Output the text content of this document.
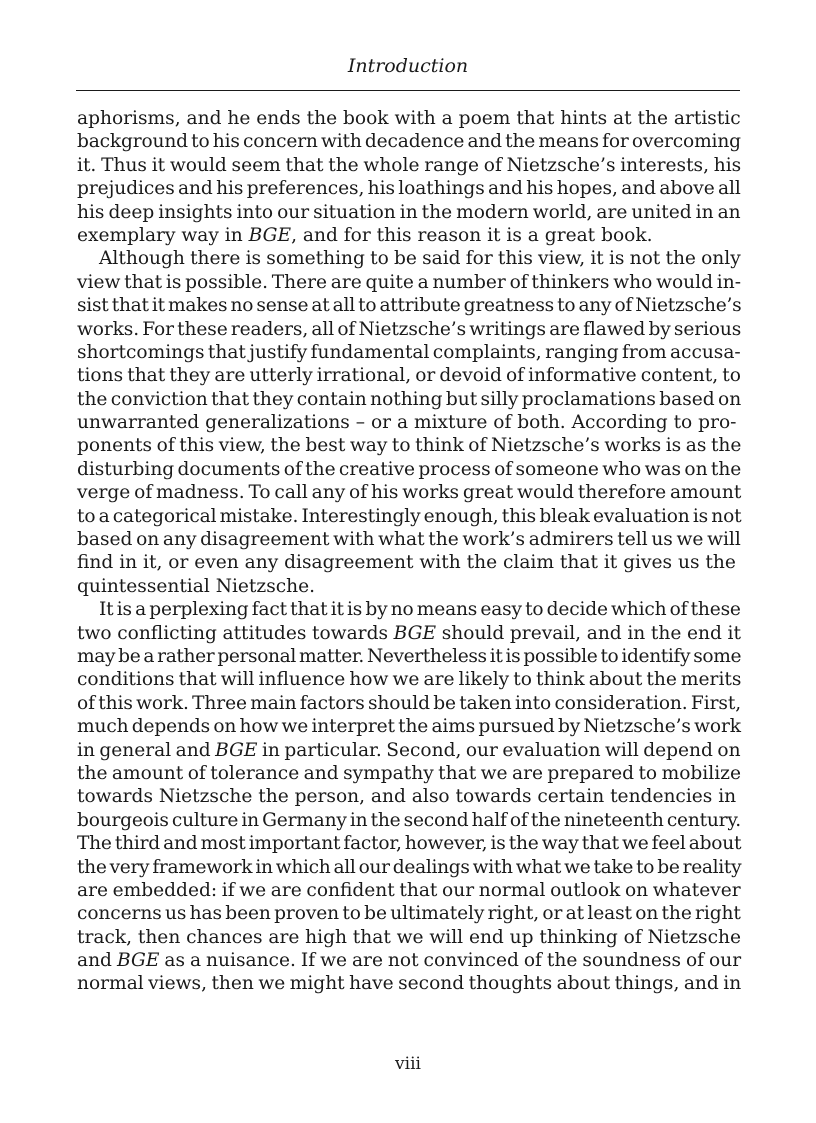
Introduction
aphorisms, and he ends the book with a poem that hints at the artistic
background to his concern with decadence and the means for overcoming
it. Thus it would seem that the whole range of Nietzsche’s interests, his
prejudices and his preferences, his loathings and his hopes, and above all
his deep insights into our situation in the modern world, are united in an
exemplary way in BGE, and for this reason it is a great book.
Although there is something to be said for this view, it is not the only
view that is possible. There are quite a number of thinkers who would in-
sist that it makes no sense at all to attribute greatness to any of Nietzsche’s
works. For these readers, all of Nietzsche’s writings are flawed by serious
shortcomings that justify fundamental complaints, ranging from accusa-
tions that they are utterly irrational, or devoid of informative content, to
the conviction that they contain nothing but silly proclamations based on
unwarranted generalizations – or a mixture of both. According to pro-
ponents of this view, the best way to think of Nietzsche’s works is as the
disturbing documents of the creative process of someone who was on the
verge of madness. To call any of his works great would therefore amount
to a categorical mistake. Interestingly enough, this bleak evaluation is not
based on any disagreement with what the work’s admirers tell us we will
find in it, or even any disagreement with the claim that it gives us the
quintessential Nietzsche.
It is a perplexing fact that it is by no means easy to decide which of these
two conflicting attitudes towards BGE should prevail, and in the end it
may be a rather personal matter. Nevertheless it is possible to identify some
conditions that will influence how we are likely to think about the merits
of this work. Three main factors should be taken into consideration. First,
much depends on how we interpret the aims pursued by Nietzsche’s work
in general and BGE in particular. Second, our evaluation will depend on
the amount of tolerance and sympathy that we are prepared to mobilize
towards Nietzsche the person, and also towards certain tendencies in
bourgeois culture in Germany in the second half of the nineteenth century.
The third and most important factor, however, is the way that we feel about
the very framework in which all our dealings with what we take to be reality
are embedded: if we are confident that our normal outlook on whatever
concerns us has been proven to be ultimately right, or at least on the right
track, then chances are high that we will end up thinking of Nietzsche
and BGE as a nuisance. If we are not convinced of the soundness of our
normal views, then we might have second thoughts about things, and in
viii
